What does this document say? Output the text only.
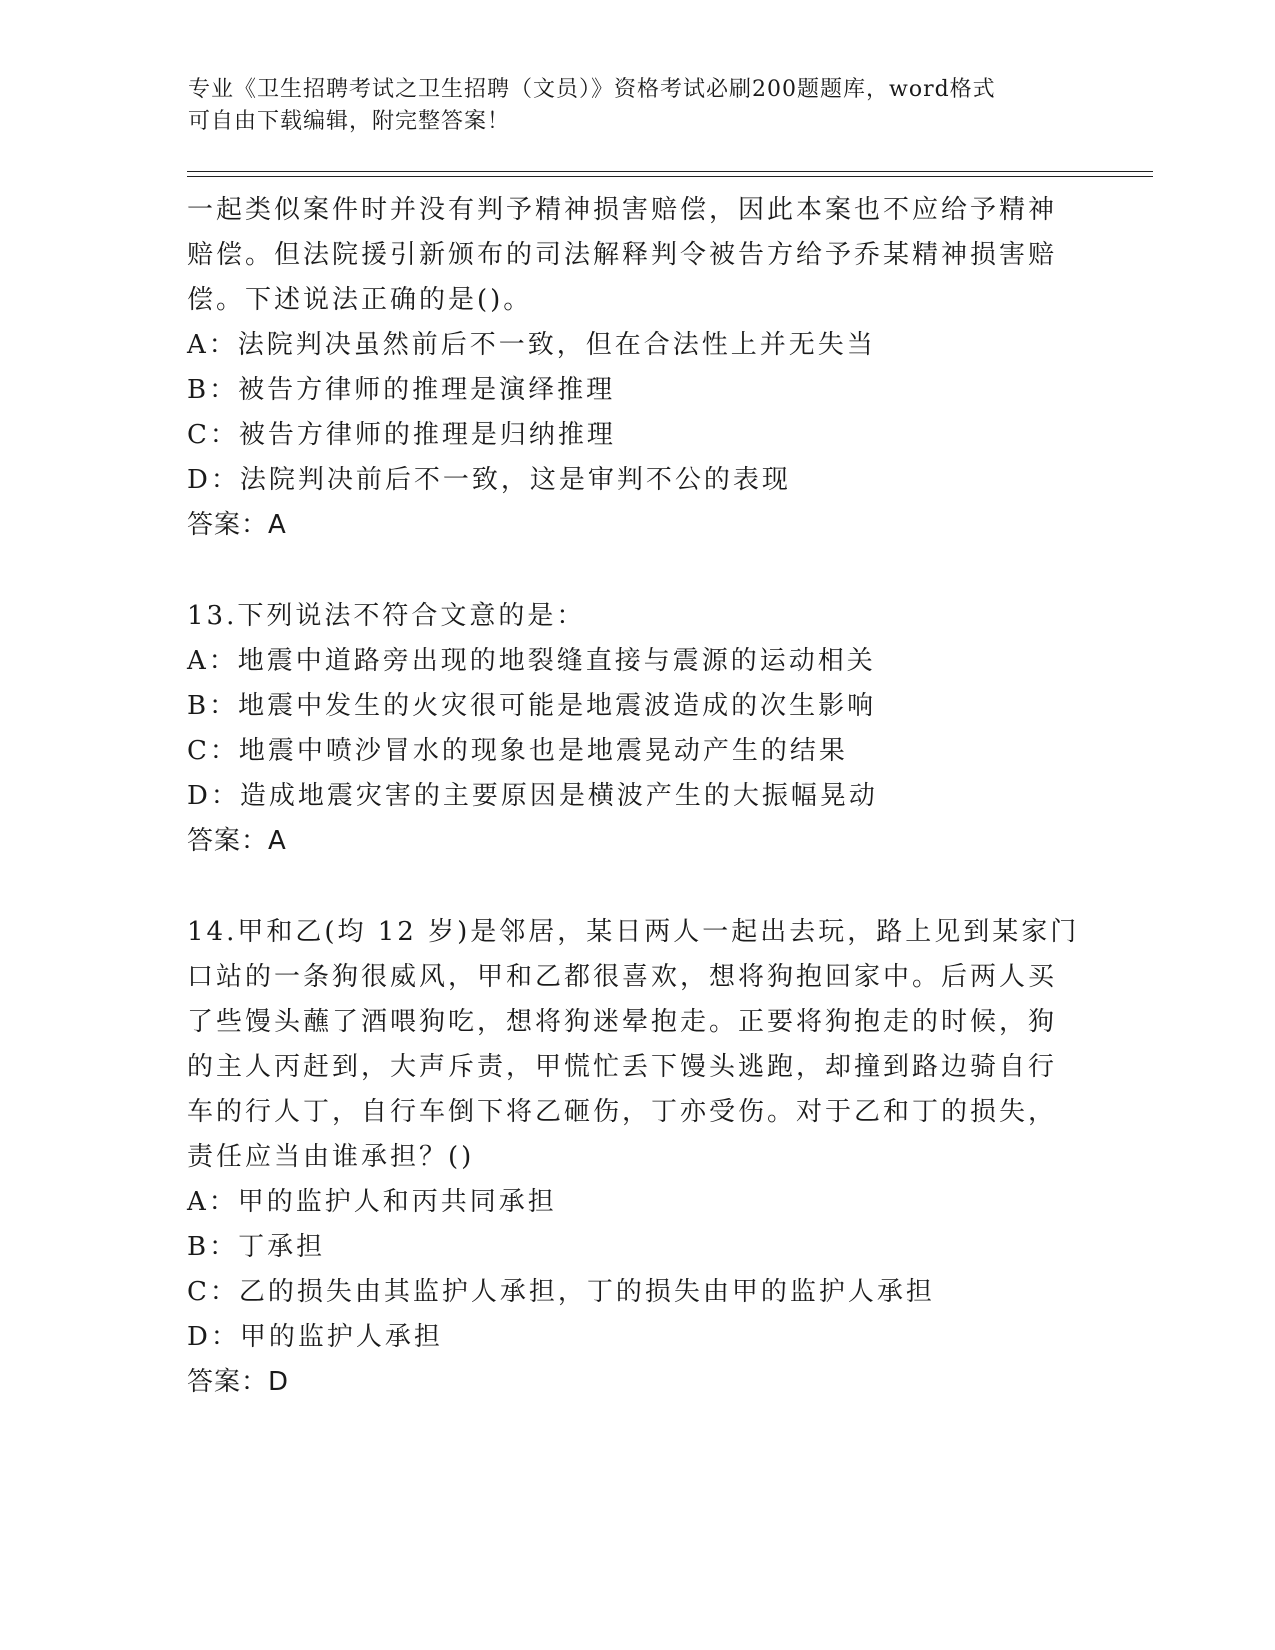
专业《卫生招聘考试之卫生招聘（文员）》资格考试必刷200题题库，word格式
可自由下载编辑，附完整答案！
一起类似案件时并没有判予精神损害赔偿，因此本案也不应给予精神
赔偿。但法院援引新颁布的司法解释判令被告方给予乔某精神损害赔
偿。下述说法正确的是()。
A：法院判决虽然前后不一致，但在合法性上并无失当
B：被告方律师的推理是演绎推理
C：被告方律师的推理是归纳推理
D：法院判决前后不一致，这是审判不公的表现
答案：A
13.下列说法不符合文意的是：
A：地震中道路旁出现的地裂缝直接与震源的运动相关
B：地震中发生的火灾很可能是地震波造成的次生影响
C：地震中喷沙冒水的现象也是地震晃动产生的结果
D：造成地震灾害的主要原因是横波产生的大振幅晃动
答案：A
14.甲和乙(均 12 岁)是邻居，某日两人一起出去玩，路上见到某家门
口站的一条狗很威风，甲和乙都很喜欢，想将狗抱回家中。后两人买
了些馒头蘸了酒喂狗吃，想将狗迷晕抱走。正要将狗抱走的时候，狗
的主人丙赶到，大声斥责，甲慌忙丢下馒头逃跑，却撞到路边骑自行
车的行人丁，自行车倒下将乙砸伤，丁亦受伤。对于乙和丁的损失，
责任应当由谁承担？()
A：甲的监护人和丙共同承担
B：丁承担
C：乙的损失由其监护人承担，丁的损失由甲的监护人承担
D：甲的监护人承担
答案：D
